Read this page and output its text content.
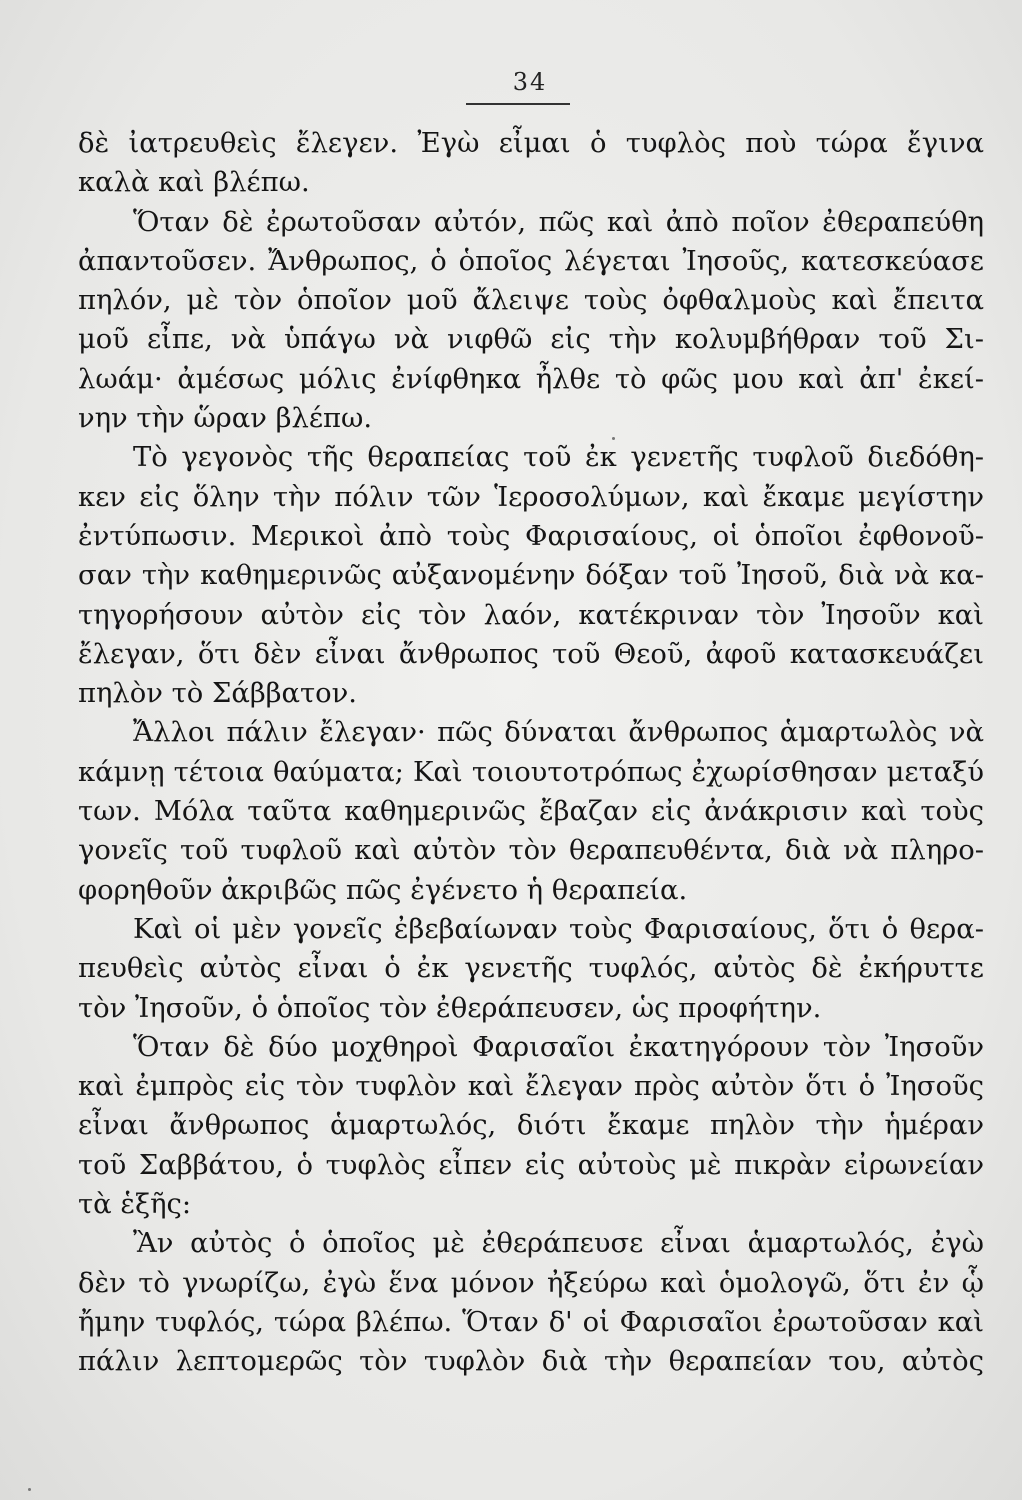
34
δὲ ἰατρευθεὶς ἔλεγεν. Ἐγὼ εἶμαι ὁ τυφλὸς ποὺ τώρα ἔγινα
καλὰ καὶ βλέπω.
Ὅταν δὲ ἐρωτοῦσαν αὐτόν, πῶς καὶ ἀπὸ ποῖον ἐθεραπεύθη
ἀπαντοῦσεν. Ἄνθρωπος, ὁ ὁποῖος λέγεται Ἰησοῦς, κατεσκεύασε
πηλόν, μὲ τὸν ὁποῖον μοῦ ἄλειψε τοὺς ὀφθαλμοὺς καὶ ἔπειτα
μοῦ εἶπε, νὰ ὑπάγω νὰ νιφθῶ εἰς τὴν κολυμβήθραν τοῦ Σι-
λωάμ· ἀμέσως μόλις ἐνίφθηκα ἦλθε τὸ φῶς μου καὶ ἀπ' ἐκεί-
νην τὴν ὥραν βλέπω.
Τὸ γεγονὸς τῆς θεραπείας τοῦ ἐκ γενετῆς τυφλοῦ διεδόθη-
κεν εἰς ὅλην τὴν πόλιν τῶν Ἱεροσολύμων, καὶ ἔκαμε μεγίστην
ἐντύπωσιν. Μερικοὶ ἀπὸ τοὺς Φαρισαίους, οἱ ὁποῖοι ἐφθονοῦ-
σαν τὴν καθημερινῶς αὐξανομένην δόξαν τοῦ Ἰησοῦ, διὰ νὰ κα-
τηγορήσουν αὐτὸν εἰς τὸν λαόν, κατέκριναν τὸν Ἰησοῦν καὶ
ἔλεγαν, ὅτι δὲν εἶναι ἄνθρωπος τοῦ Θεοῦ, ἀφοῦ κατασκευάζει
πηλὸν τὸ Σάββατον.
Ἄλλοι πάλιν ἔλεγαν· πῶς δύναται ἄνθρωπος ἁμαρτωλὸς νὰ
κάμνῃ τέτοια θαύματα; Καὶ τοιουτοτρόπως ἐχωρίσθησαν μεταξύ
των. Μόλα ταῦτα καθημερινῶς ἔβαζαν εἰς ἀνάκρισιν καὶ τοὺς
γονεῖς τοῦ τυφλοῦ καὶ αὐτὸν τὸν θεραπευθέντα, διὰ νὰ πληρο-
φορηθοῦν ἀκριβῶς πῶς ἐγένετο ἡ θεραπεία.
Καὶ οἱ μὲν γονεῖς ἐβεβαίωναν τοὺς Φαρισαίους, ὅτι ὁ θερα-
πευθεὶς αὐτὸς εἶναι ὁ ἐκ γενετῆς τυφλός, αὐτὸς δὲ ἐκήρυττε
τὸν Ἰησοῦν, ὁ ὁποῖος τὸν ἐθεράπευσεν, ὡς προφήτην.
Ὅταν δὲ δύο μοχθηροὶ Φαρισαῖοι ἐκατηγόρουν τὸν Ἰησοῦν
καὶ ἐμπρὸς εἰς τὸν τυφλὸν καὶ ἔλεγαν πρὸς αὐτὸν ὅτι ὁ Ἰησοῦς
εἶναι ἄνθρωπος ἁμαρτωλός, διότι ἔκαμε πηλὸν τὴν ἡμέραν
τοῦ Σαββάτου, ὁ τυφλὸς εἶπεν εἰς αὐτοὺς μὲ πικρὰν εἰρωνείαν
τὰ ἑξῆς:
Ἂν αὐτὸς ὁ ὁποῖος μὲ ἐθεράπευσε εἶναι ἁμαρτωλός, ἐγὼ
δὲν τὸ γνωρίζω, ἐγὼ ἕνα μόνον ἠξεύρω καὶ ὁμολογῶ, ὅτι ἐν ᾧ
ἤμην τυφλός, τώρα βλέπω. Ὅταν δ' οἱ Φαρισαῖοι ἐρωτοῦσαν καὶ
πάλιν λεπτομερῶς τὸν τυφλὸν διὰ τὴν θεραπείαν του, αὐτὸς
